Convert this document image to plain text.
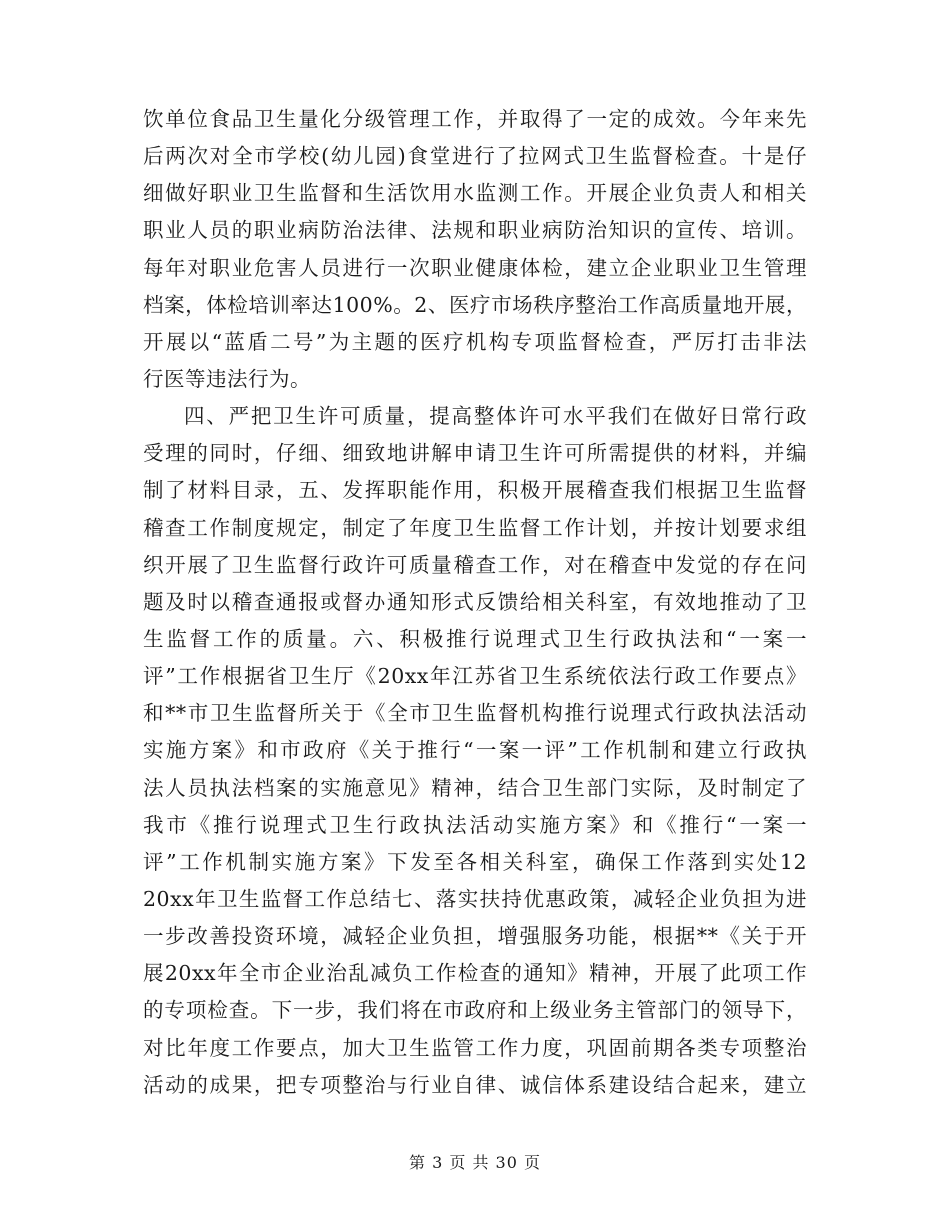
饮单位食品卫生量化分级管理工作，并取得了一定的成效。今年来先
后两次对全市学校(幼儿园)食堂进行了拉网式卫生监督检查。十是仔
细做好职业卫生监督和生活饮用水监测工作。开展企业负责人和相关
职业人员的职业病防治法律、法规和职业病防治知识的宣传、培训。
每年对职业危害人员进行一次职业健康体检，建立企业职业卫生管理
档案，体检培训率达100%。2、医疗市场秩序整治工作高质量地开展，
开展以“蓝盾二号”为主题的医疗机构专项监督检查，严厉打击非法
行医等违法行为。
四、严把卫生许可质量，提高整体许可水平我们在做好日常行政
受理的同时，仔细、细致地讲解申请卫生许可所需提供的材料，并编
制了材料目录，五、发挥职能作用，积极开展稽查我们根据卫生监督
稽查工作制度规定，制定了年度卫生监督工作计划，并按计划要求组
织开展了卫生监督行政许可质量稽查工作，对在稽查中发觉的存在问
题及时以稽查通报或督办通知形式反馈给相关科室，有效地推动了卫
生监督工作的质量。六、积极推行说理式卫生行政执法和“一案一
评”工作根据省卫生厅《20xx年江苏省卫生系统依法行政工作要点》
和**市卫生监督所关于《全市卫生监督机构推行说理式行政执法活动
实施方案》和市政府《关于推行“一案一评”工作机制和建立行政执
法人员执法档案的实施意见》精神，结合卫生部门实际，及时制定了
我市《推行说理式卫生行政执法活动实施方案》和《推行“一案一
评”工作机制实施方案》下发至各相关科室，确保工作落到实处12
20xx年卫生监督工作总结七、落实扶持优惠政策，减轻企业负担为进
一步改善投资环境，减轻企业负担，增强服务功能，根据**《关于开
展20xx年全市企业治乱减负工作检查的通知》精神，开展了此项工作
的专项检查。下一步，我们将在市政府和上级业务主管部门的领导下，
对比年度工作要点，加大卫生监管工作力度，巩固前期各类专项整治
活动的成果，把专项整治与行业自律、诚信体系建设结合起来，建立
第 3 页 共 30 页
